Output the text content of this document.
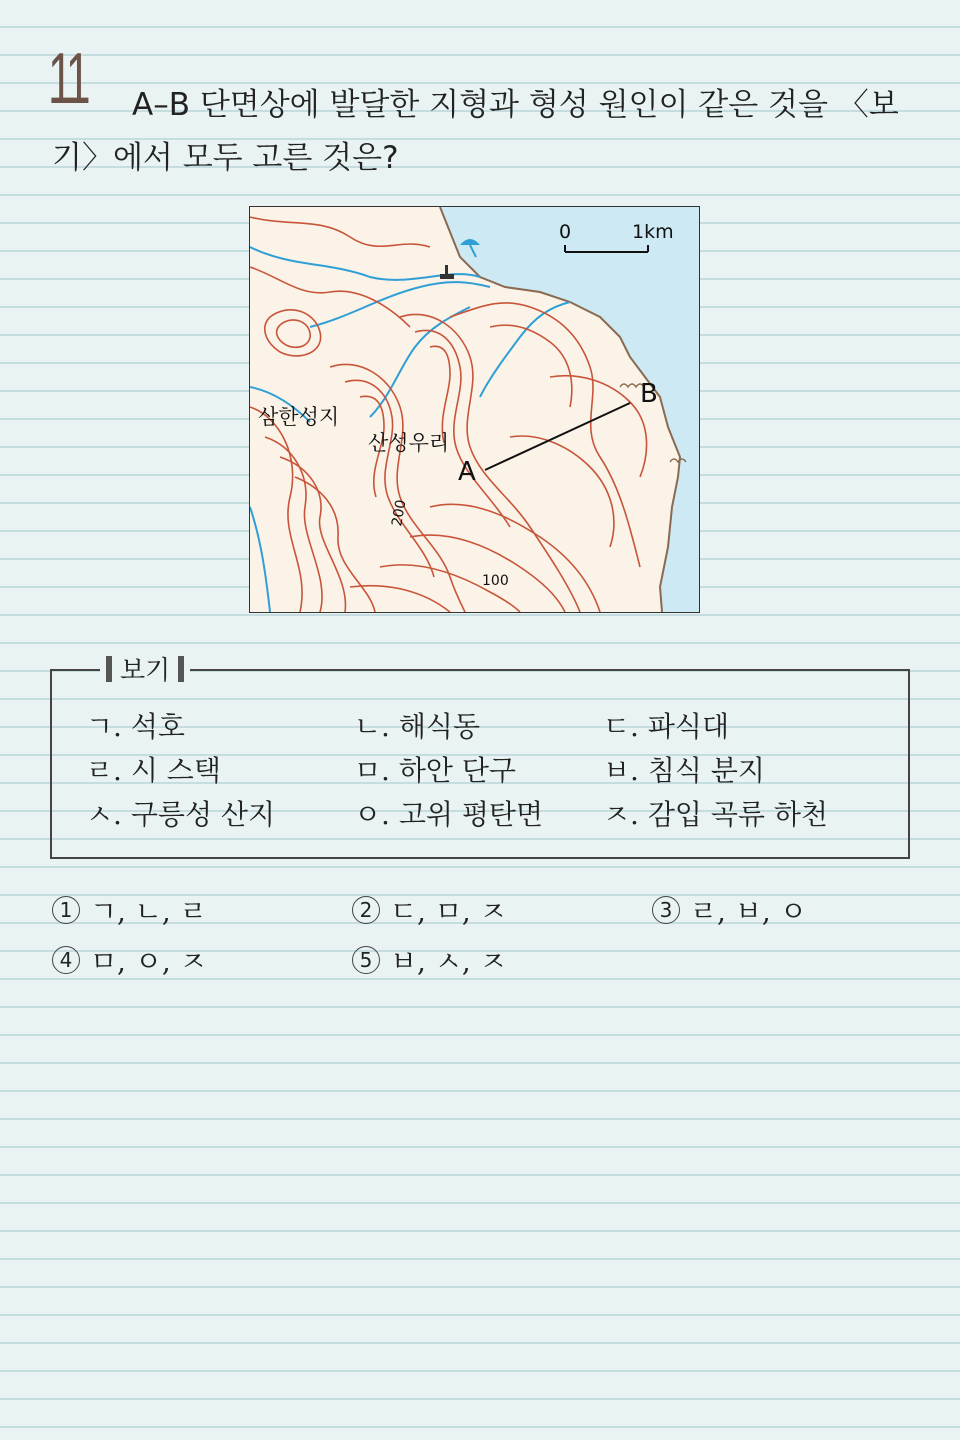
11 A–B 단면상에 발달한 지형과 형성 원인이 같은 것을 〈보
기〉에서 모두 고른 것은?
0	1km
삼한성지
산성우리
A
B
200
100
보기
ㄱ. 석호	ㄴ. 해식동	ㄷ. 파식대
ㄹ. 시 스택	ㅁ. 하안 단구	ㅂ. 침식 분지
ㅅ. 구릉성 산지	ㅇ. 고위 평탄면 ㅈ. 감입 곡류 하천
1 ㄱ, ㄴ, ㄹ	2 ㄷ, ㅁ, ㅈ	3 ㄹ, ㅂ, ㅇ
4 ㅁ, ㅇ, ㅈ	5 ㅂ, ㅅ, ㅈ
